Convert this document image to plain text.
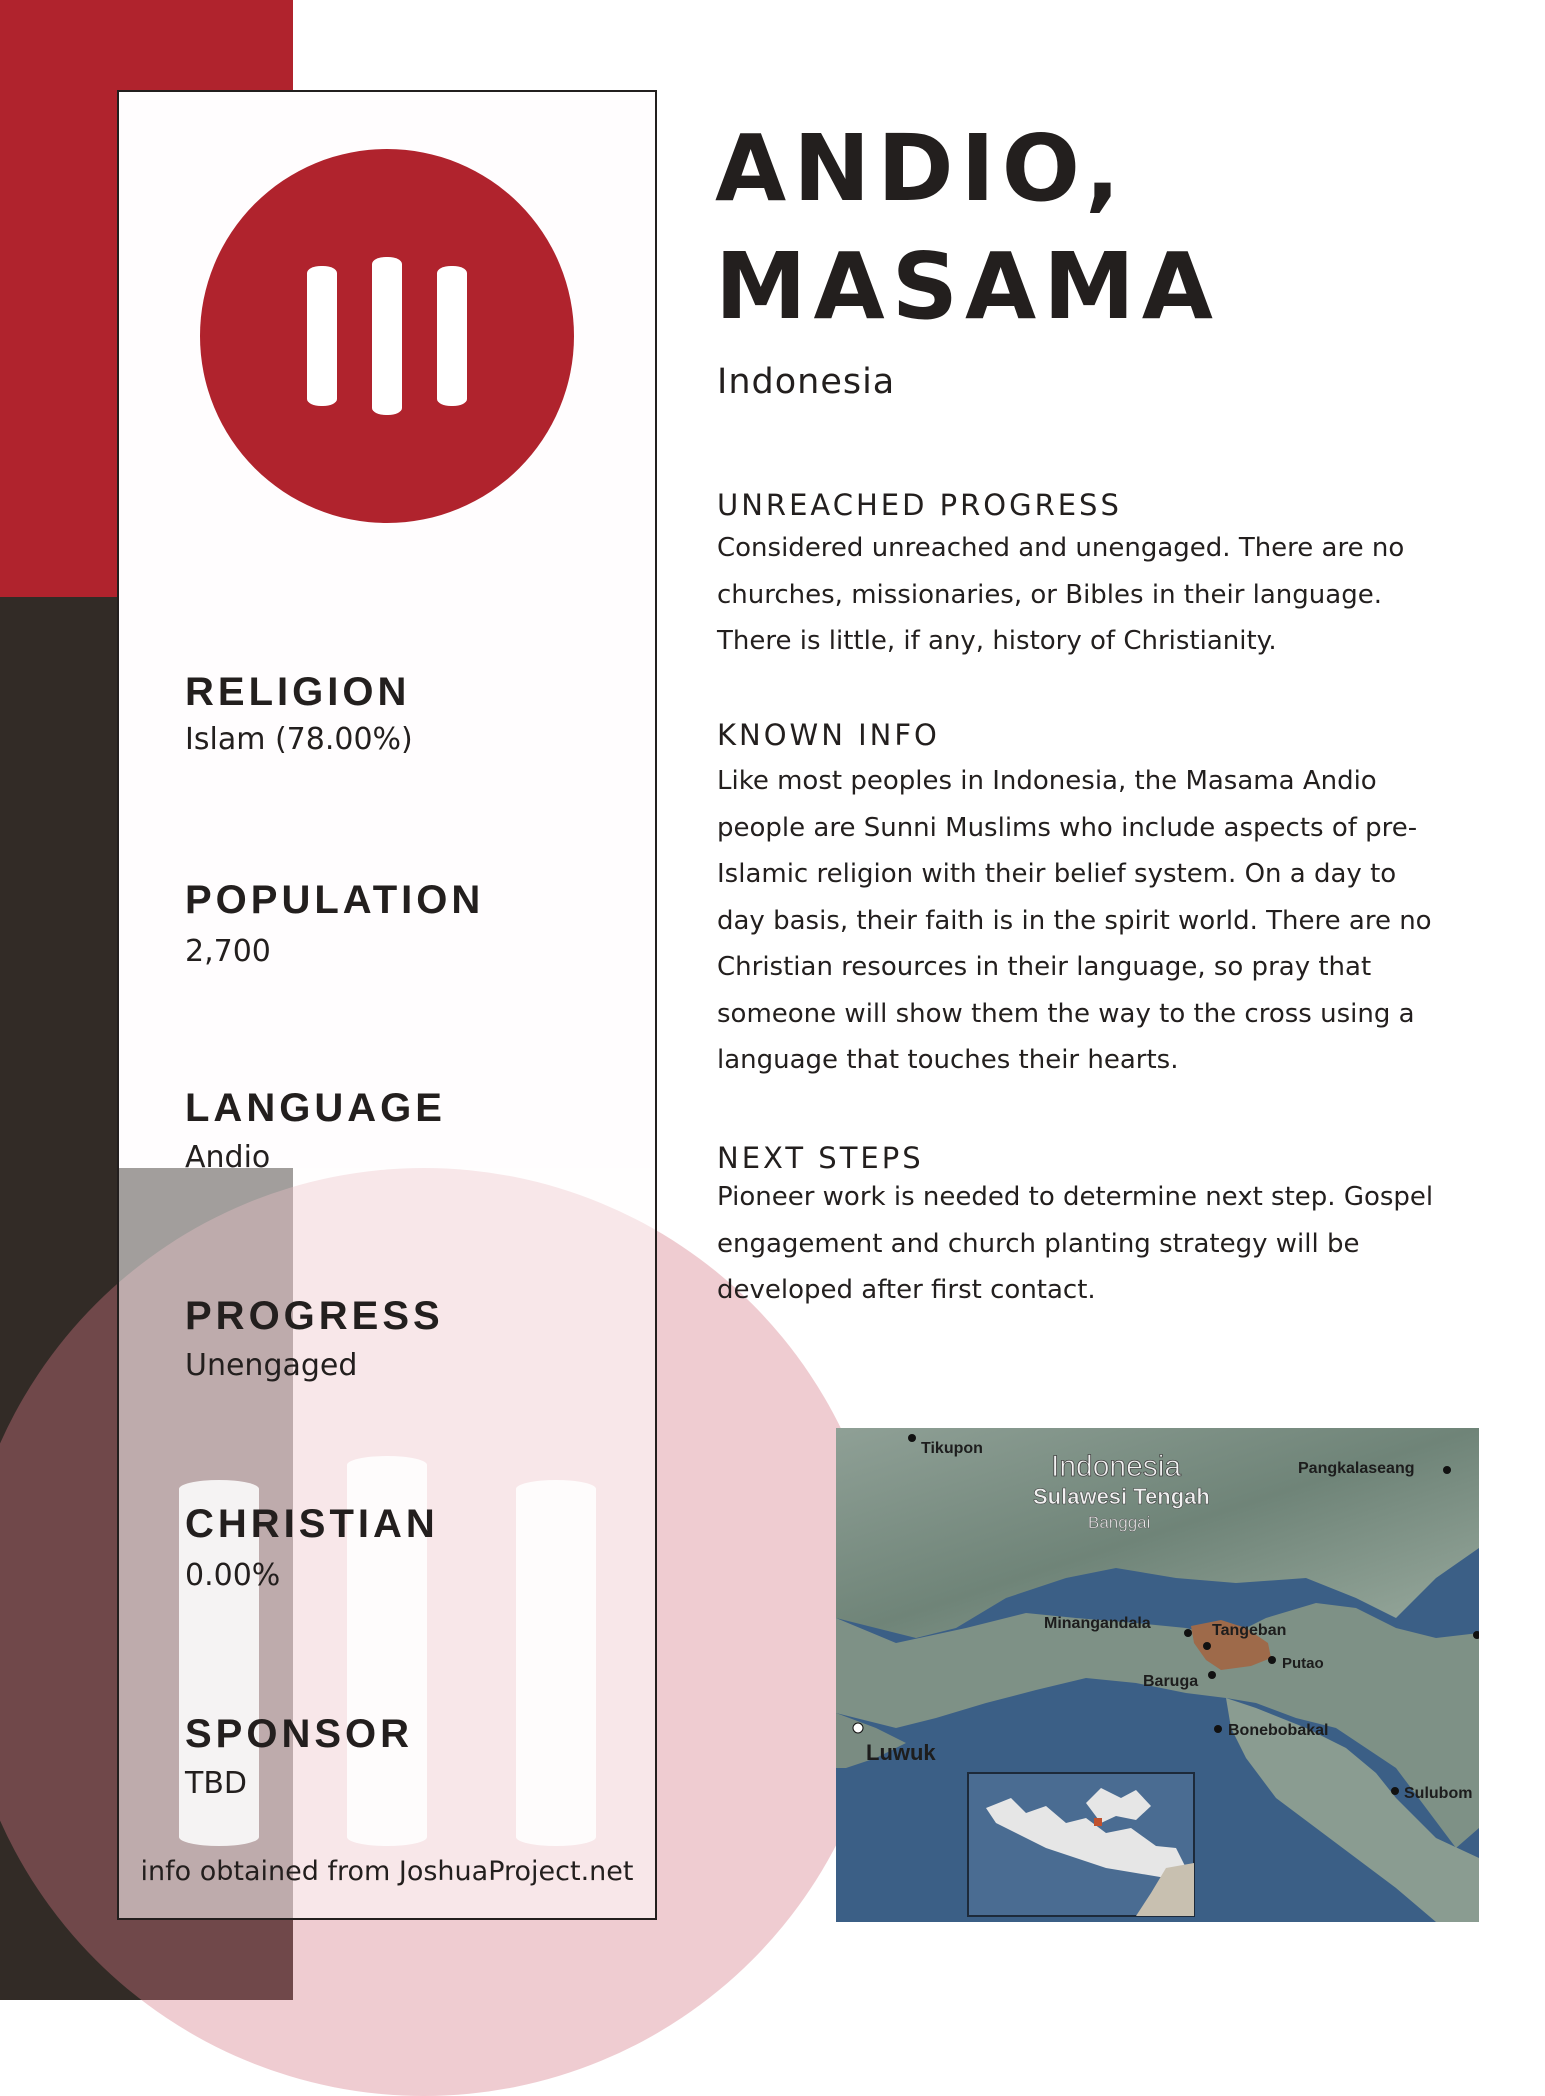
RELIGION
Islam (78.00%)
POPULATION
2,700
LANGUAGE
Andio
PROGRESS
Unengaged
CHRISTIAN
0.00%
SPONSOR
TBD
info obtained from JoshuaProject.net
ANDIO,
MASAMA
Indonesia
UNREACHED PROGRESS
Considered unreached and unengaged. There are no
churches, missionaries, or Bibles in their language.
There is little, if any, history of Christianity.
KNOWN INFO
Like most peoples in Indonesia, the Masama Andio
people are Sunni Muslims who include aspects of pre-
Islamic religion with their belief system. On a day to
day basis, their faith is in the spirit world. There are no
Christian resources in their language, so pray that
someone will show them the way to the cross using a
language that touches their hearts.
NEXT STEPS
Pioneer work is needed to determine next step. Gospel
engagement and church planting strategy will be
developed after first contact.
Tikupon
Indonesia
Sulawesi Tengah
Banggai
Pangkalaseang
Minangandala	Tangeban
Putao
Baruga
Bonebobakal
Luwuk
Sulubom
